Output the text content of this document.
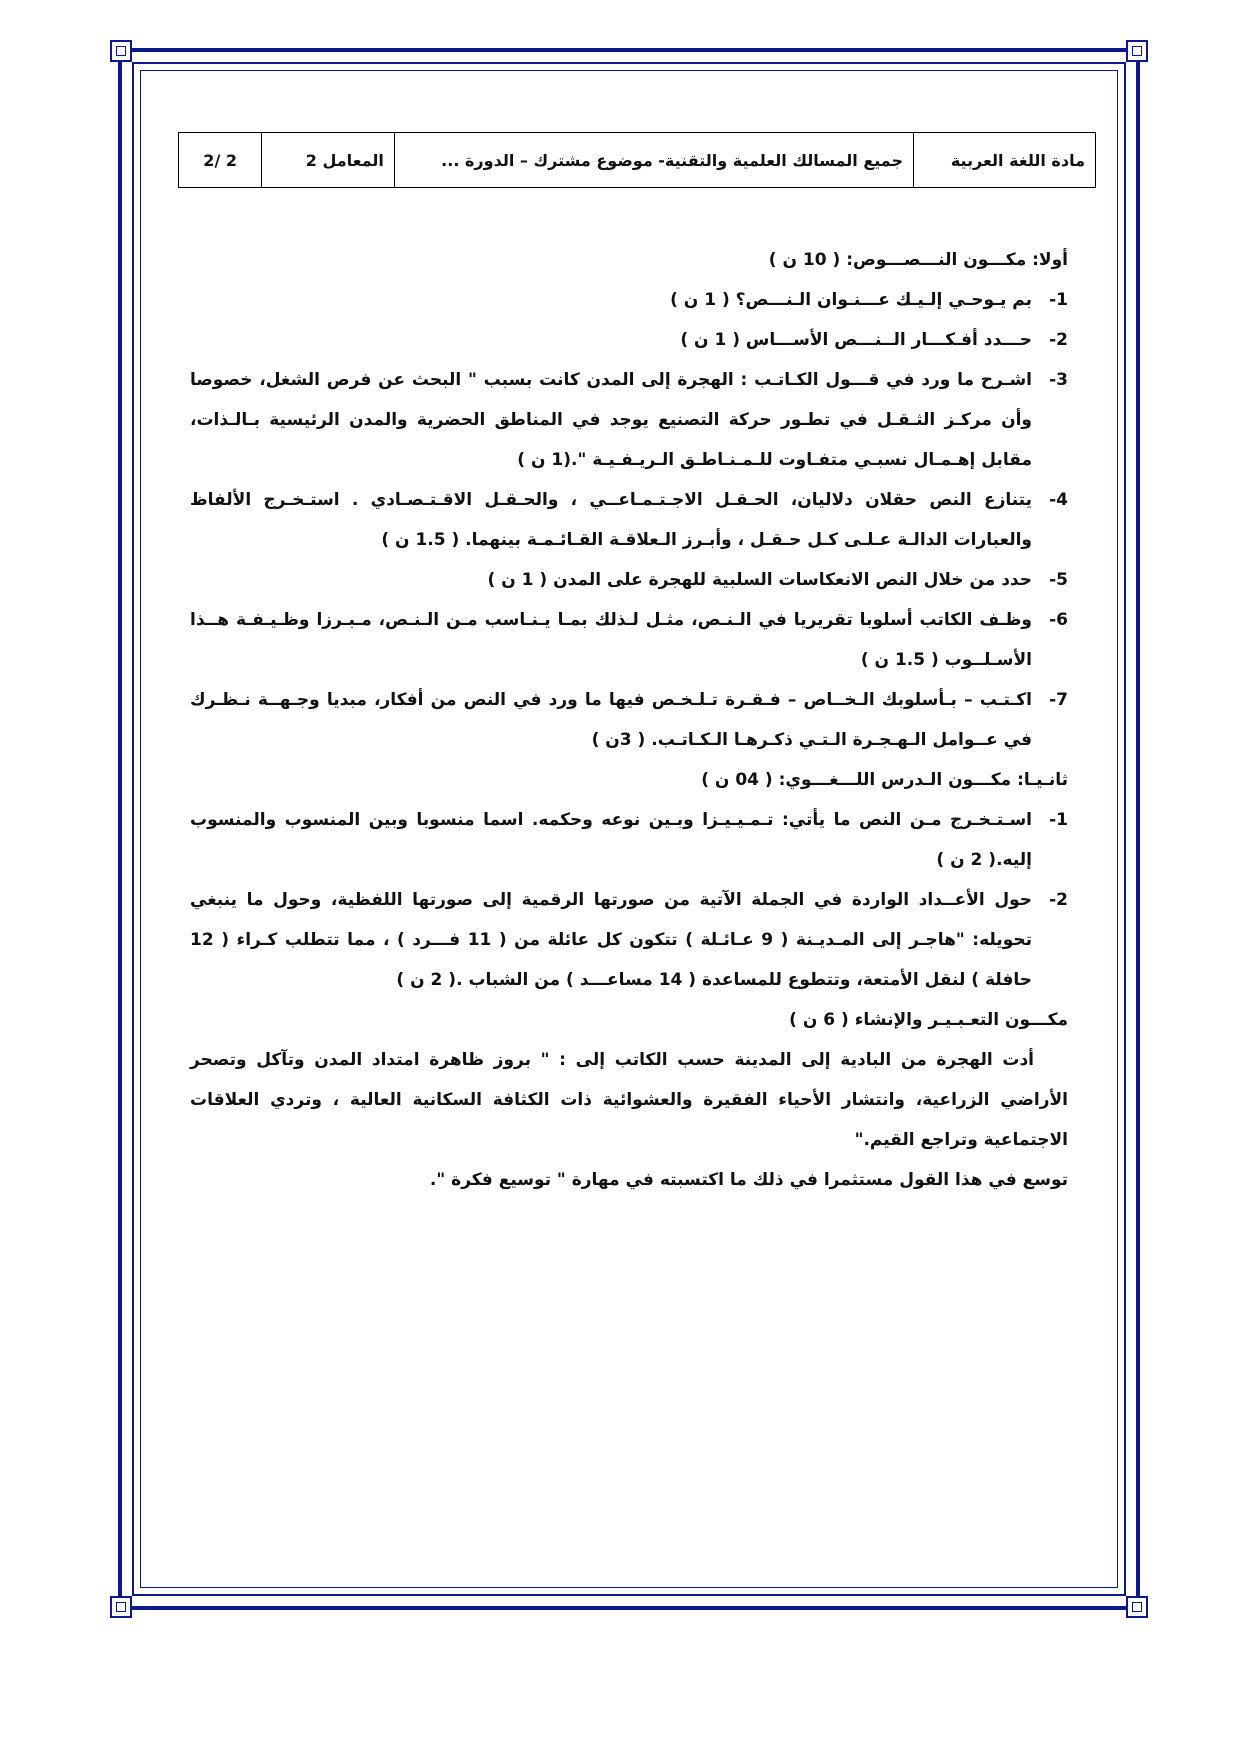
مادة اللغة العربية	جميع المسالك العلمية والتقنية- موضوع مشترك – الدورة ...	المعامل 2	2 /2

أولا: مكـــون النـــصـــوص: ( 10 ن )

1-
بم يـوحـي إلـيـك عـــنـوان الـنـــص؟ ( 1 ن )
2-
حـــدد أفـكـــار الــنـــص الأســـاس ( 1 ن )
3-
اشـرح ما ورد في قـــول الكـاتـب : الهجرة إلى المدن كانت بسبب " البحث عن فرص الشغل، خصوصا وأن مركـز الثـقـل في تطـور حركة التصنيع يوجد في المناطق الحضرية والمدن الرئيسية بـالـذات، مقابل إهـمـال نسبـي متفـاوت للـمـنـاطـق الـريـفـيـة ".(1 ن )
4-
يتنازع النص حقلان دلاليان، الحـقـل الاجـتـمـاعــي ، والحـقـل الاقـتـصـادي . استـخـرج الألفاظ والعبارات الدالـة عـلـى كـل حـقـل ، وأبـرز الـعلاقـة القـائـمـة بينهما. ( 1.5 ن )
5-
حدد من خلال النص الانعكاسات السلبية للهجرة على المدن ( 1 ن )
6-
وظـف الكاتب أسلوبا تقريريا في الـنـص، مثـل لـذلك بمـا يـنـاسب مـن الـنـص، مـبـرزا وظـيـفـة هــذا الأسـلــوب ( 1.5 ن )
7-
اكـتـب – بـأسلوبك الـخــاص – فـقـرة تـلـخـص فيها ما ورد في النص من أفكار، مبديا وجـهــة نـظـرك في عــوامل الـهـجـرة الـتـي ذكـرهـا الـكـاتـب. ( 3ن )

ثانـيـا: مكـــون الـدرس اللـــغـــوي: ( 04 ن )

1-
اسـتـخـرج مـن النص ما يأتي: تـمـيـيـزا وبـين نوعه وحكمه. اسما منسوبا وبين المنسوب والمنسوب إليه.( 2 ن )
2-
حول الأعــداد الواردة في الجملة الآتية من صورتها الرقمية إلى صورتها اللفظية، وحول ما ينبغي تحويله: "هاجـر إلى المـديـنة ( 9 عـائـلة ) تتكون كل عائلة من ( 11 فـــرد ) ، مما تتطلب كـراء ( 12 حافلة ) لنقل الأمتعة، وتتطوع للمساعدة ( 14 مساعـــد ) من الشباب .( 2 ن )

مكـــون التعـبـيـر والإنشاء ( 6 ن )

أدت الهجرة من البادية إلى المدينة حسب الكاتب إلى : " بروز ظاهرة امتداد المدن وتآكل وتصحر الأراضي الزراعية، وانتشار الأحياء الفقيرة والعشوائية ذات الكثافة السكانية العالية ، وتردي العلاقات الاجتماعية وتراجع القيم."

توسع في هذا القول مستثمرا في ذلك ما اكتسبته في مهارة " توسيع فكرة ".
